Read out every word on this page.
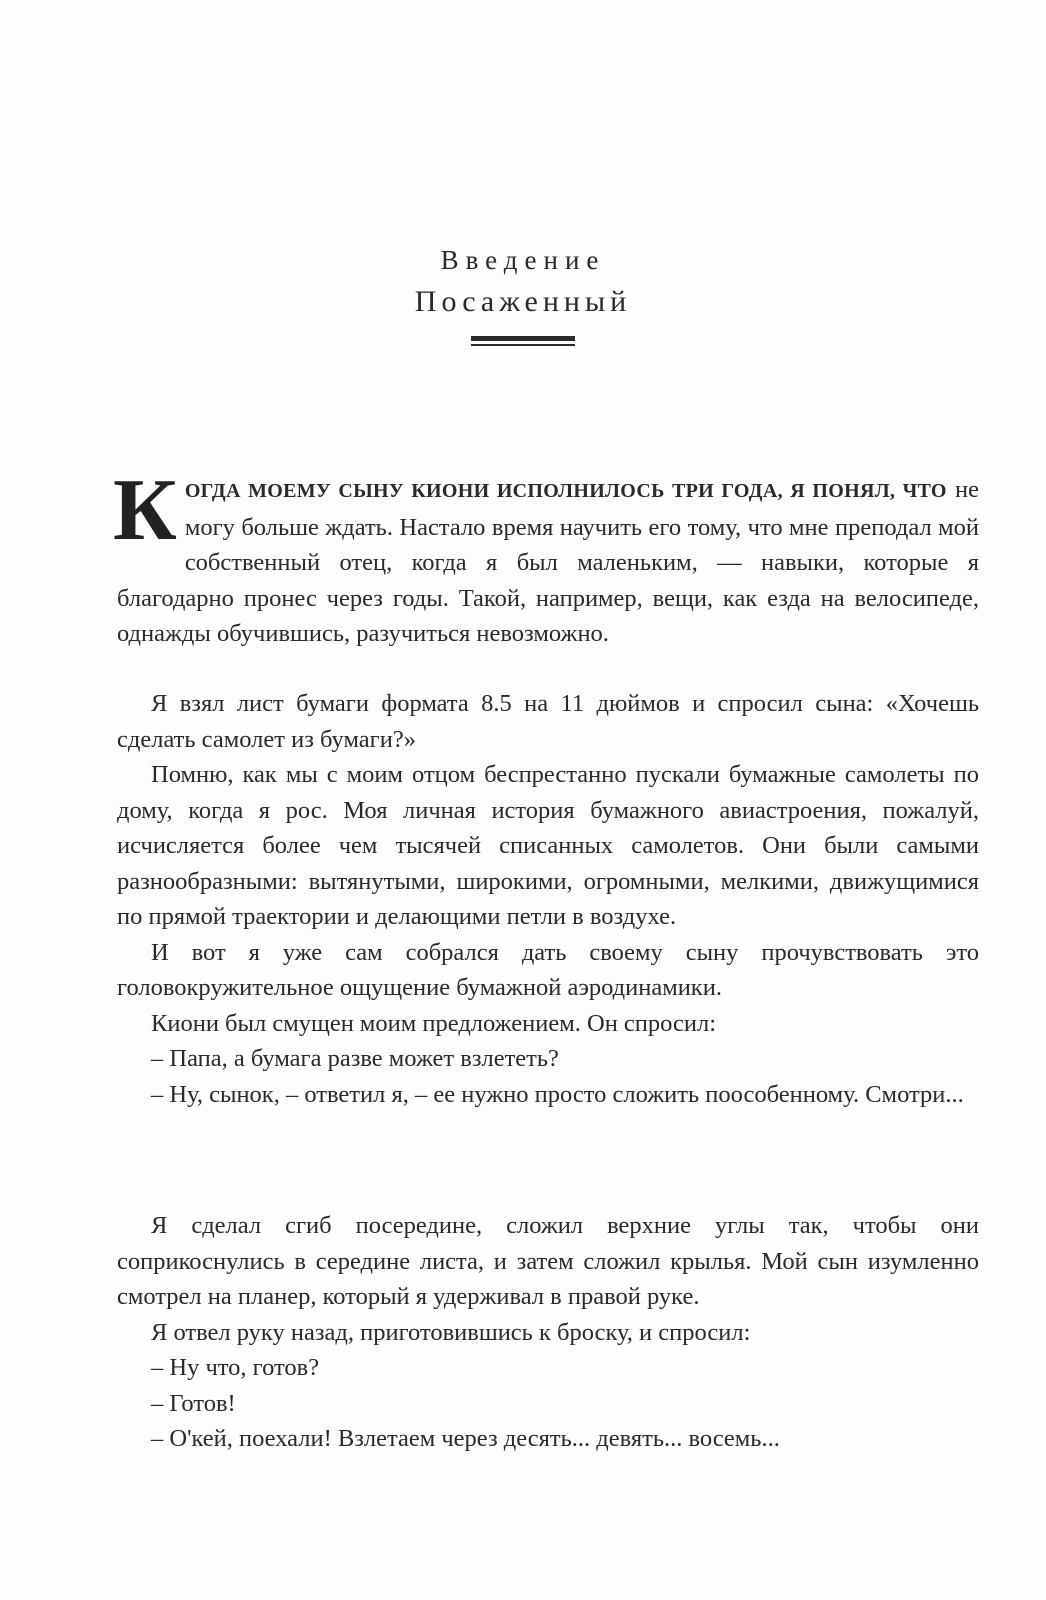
Введение
Посаженный

КОГДА МОЕМУ СЫНУ КИОНИ ИСПОЛНИЛОСЬ ТРИ ГОДА, Я ПОНЯЛ, ЧТО не могу больше ждать. Настало время научить его тому, что мне преподал мой собственный отец, когда я был маленьким, — навыки, которые я благодарно пронес через годы. Такой, например, вещи, как езда на велосипеде, однажды обучившись, разучиться невозможно.

Я взял лист бумаги формата 8.5 на 11 дюймов и спросил сына: «Хочешь сделать самолет из бумаги?»

Помню, как мы с моим отцом беспрестанно пускали бумажные самолеты по дому, когда я рос. Моя личная история бумажного авиастроения, пожалуй, исчисляется более чем тысячей списанных самолетов. Они были самыми разнообразными: вытянутыми, широкими, огромными, мелкими, движущимися по прямой траектории и делающими петли в воздухе.

И вот я уже сам собрался дать своему сыну прочувствовать это головокружительное ощущение бумажной аэродинамики.

Киони был смущен моим предложением. Он спросил:

– Папа, а бумага разве может взлететь?

– Ну, сынок, – ответил я, – ее нужно просто сложить поособенному. Смотри...

Я сделал сгиб посередине, сложил верхние углы так, чтобы они соприкоснулись в середине листа, и затем сложил крылья. Мой сын изумленно смотрел на планер, который я удерживал в правой руке.

Я отвел руку назад, приготовившись к броску, и спросил:

– Ну что, готов?

– Готов!

– О'кей, поехали! Взлетаем через десять... девять... восемь...
